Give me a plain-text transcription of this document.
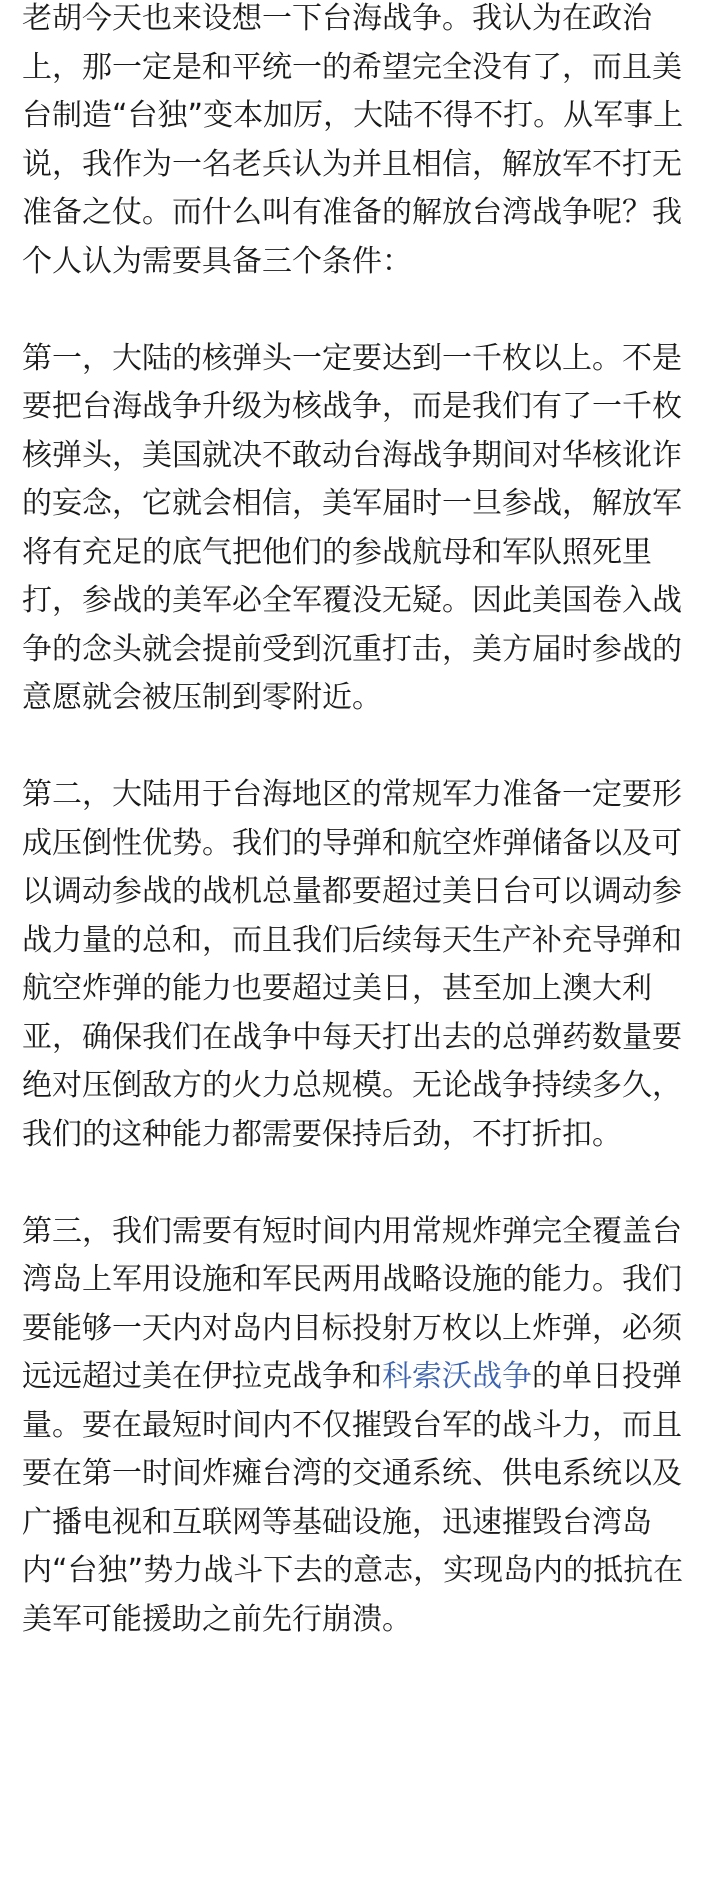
老胡今天也来设想一下台海战争。我认为在政治上，那一定是和平统一的希望完全没有了，而且美台制造“台独”变本加厉，大陆不得不打。从军事上说，我作为一名老兵认为并且相信，解放军不打无准备之仗。而什么叫有准备的解放台湾战争呢？我个人认为需要具备三个条件：

第一，大陆的核弹头一定要达到一千枚以上。不是要把台海战争升级为核战争，而是我们有了一千枚核弹头，美国就决不敢动台海战争期间对华核讹诈的妄念，它就会相信，美军届时一旦参战，解放军将有充足的底气把他们的参战航母和军队照死里打，参战的美军必全军覆没无疑。因此美国卷入战争的念头就会提前受到沉重打击，美方届时参战的意愿就会被压制到零附近。

第二，大陆用于台海地区的常规军力准备一定要形成压倒性优势。我们的导弹和航空炸弹储备以及可以调动参战的战机总量都要超过美日台可以调动参战力量的总和，而且我们后续每天生产补充导弹和航空炸弹的能力也要超过美日，甚至加上澳大利亚，确保我们在战争中每天打出去的总弹药数量要绝对压倒敌方的火力总规模。无论战争持续多久，我们的这种能力都需要保持后劲，不打折扣。

第三，我们需要有短时间内用常规炸弹完全覆盖台湾岛上军用设施和军民两用战略设施的能力。我们要能够一天内对岛内目标投射万枚以上炸弹，必须远远超过美在伊拉克战争和科索沃战争的单日投弹量。要在最短时间内不仅摧毁台军的战斗力，而且要在第一时间炸瘫台湾的交通系统、供电系统以及广播电视和互联网等基础设施，迅速摧毁台湾岛内“台独”势力战斗下去的意志，实现岛内的抵抗在美军可能援助之前先行崩溃。
